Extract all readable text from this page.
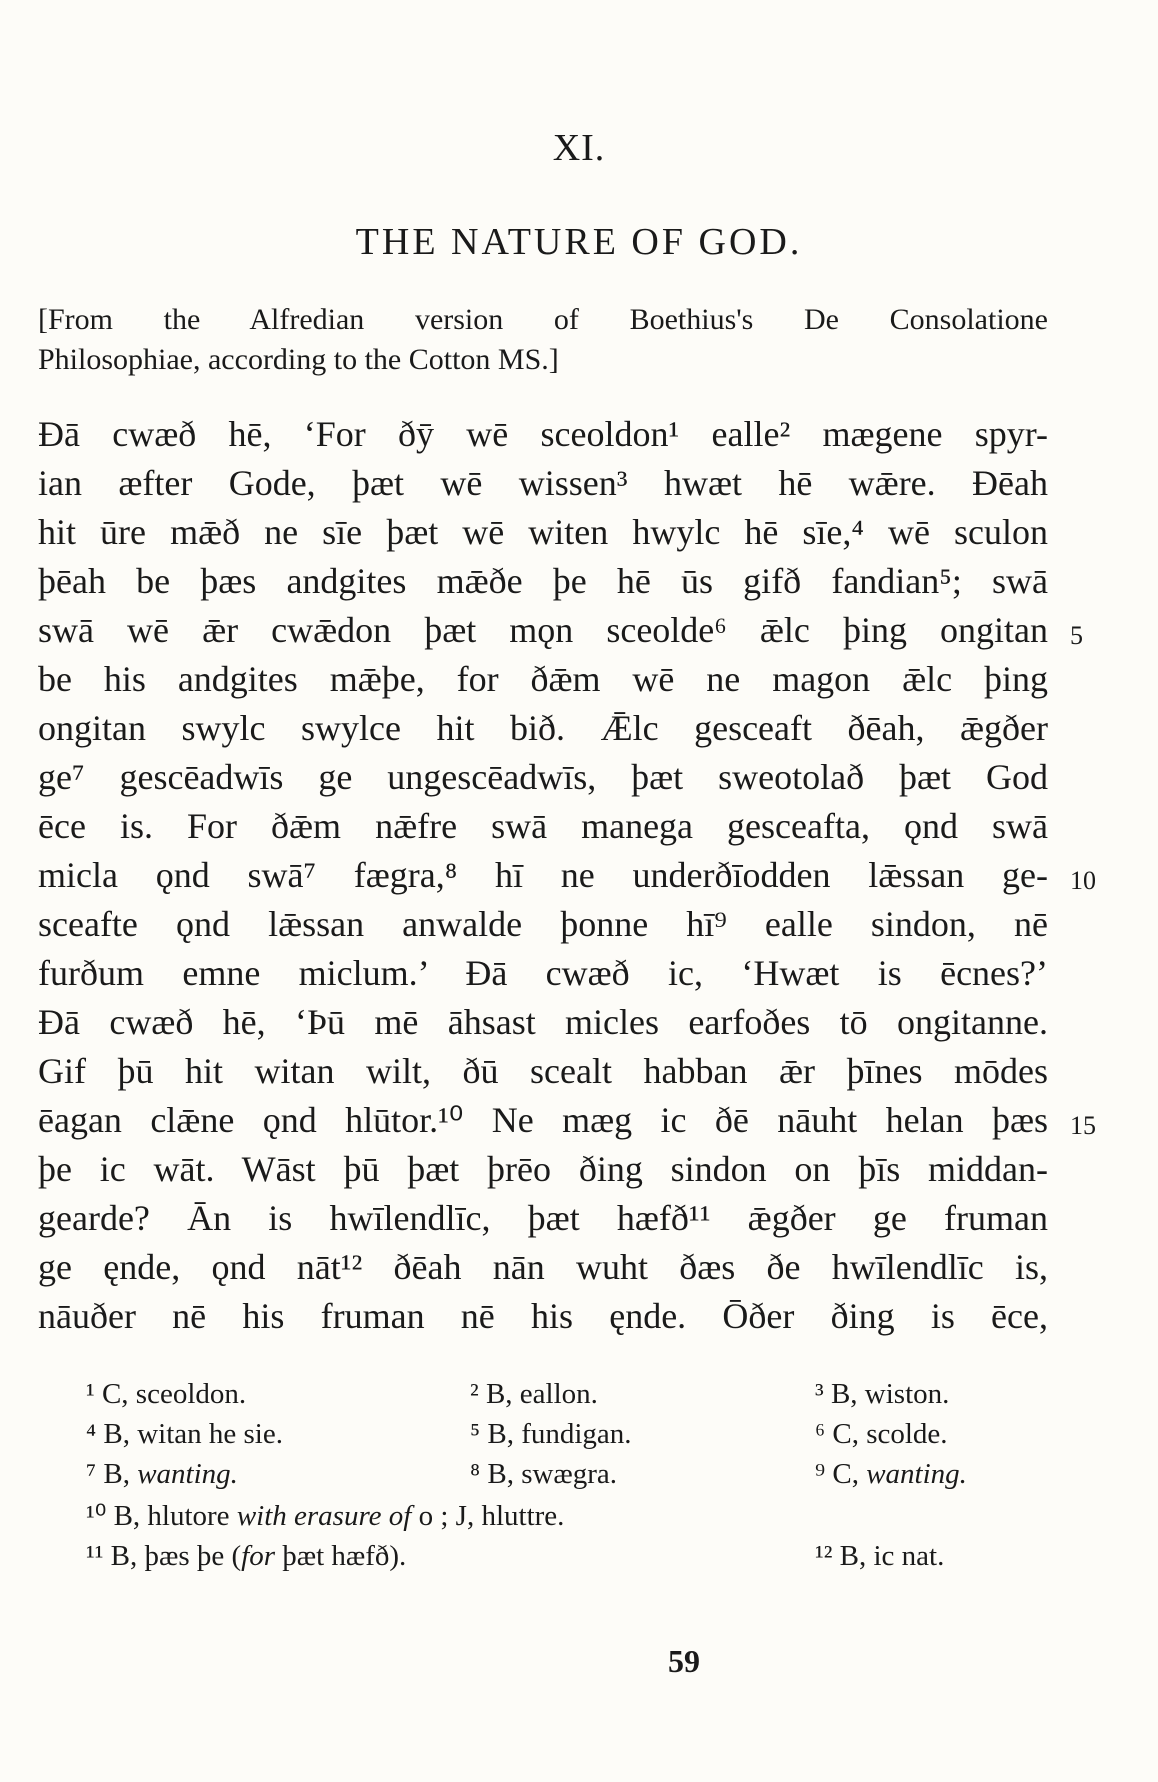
XI.
THE NATURE OF GOD.
[From the Alfredian version of Boethius's De Consolatione
Philosophiae, according to the Cotton MS.]
Đā cwæð hē, ‘For ðȳ wē sceoldon¹ ealle² mægene spyr-
ian æfter Gode, þæt wē wissen³ hwæt hē wǣre. Đēah
hit ūre mǣð ne sīe þæt wē witen hwylc hē sīe,⁴ wē sculon
þēah be þæs andgites mǣðe þe hē ūs gifð fandian⁵; swā
swā wē ǣr cwǣdon þæt mǫn sceolde⁶ ǣlc þing ongitan
be his andgites mǣþe, for ðǣm wē ne magon ǣlc þing
ongitan swylc swylce hit bið. Ǣlc gesceaft ðēah, ǣgðer
ge⁷ gescēadwīs ge ungescēadwīs, þæt sweotolað þæt God
ēce is. For ðǣm nǣfre swā manega gesceafta, ǫnd swā
micla ǫnd swā⁷ fægra,⁸ hī ne underðīodden lǣssan ge-
sceafte ǫnd lǣssan anwalde þonne hī⁹ ealle sindon, nē
furðum emne miclum.’ Đā cwæð ic, ‘Hwæt is ēcnes?’
Đā cwæð hē, ‘Þū mē āhsast micles earfoðes tō ongitanne.
Gif þū hit witan wilt, ðū scealt habban ǣr þīnes mōdes
ēagan clǣne ǫnd hlūtor.¹⁰ Ne mæg ic ðē nāuht helan þæs
þe ic wāt. Wāst þū þæt þrēo ðing sindon on þīs middan-
gearde? Ān is hwīlendlīc, þæt hæfð¹¹ ǣgðer ge fruman
ge ęnde, ǫnd nāt¹² ðēah nān wuht ðæs ðe hwīlendlīc is,
nāuðer nē his fruman nē his ęnde. Ōðer ðing is ēce,
5
10
15
¹ C, sceoldon.	² B, eallon.	³ B, wiston.
⁴ B, witan he sie.	⁵ B, fundigan.	⁶ C, scolde.
⁷ B, wanting.	⁸ B, swægra.	⁹ C, wanting.
¹⁰ B, hlutore with erasure of o ; J, hluttre.
¹¹ B, þæs þe (for þæt hæfð).	¹² B, ic nat.
59
